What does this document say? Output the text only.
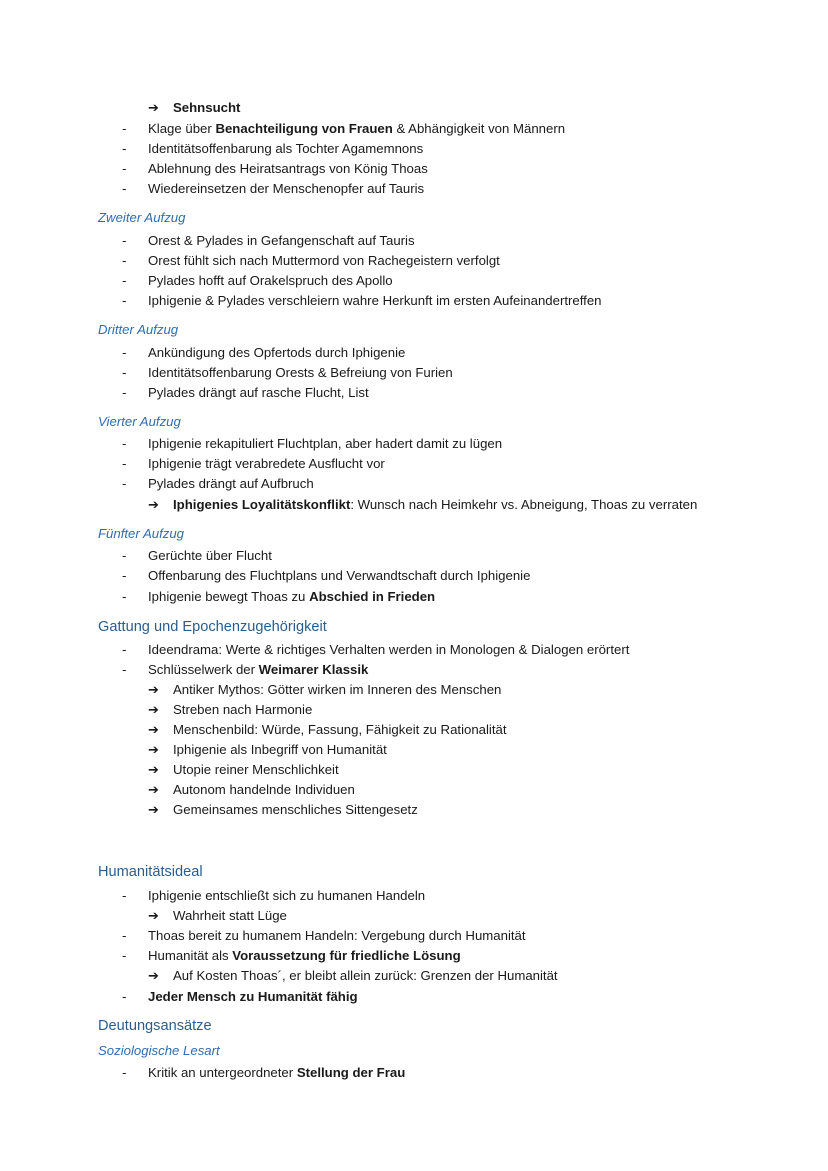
➔ Sehnsucht
-	Klage über Benachteiligung von Frauen & Abhängigkeit von Männern
-	Identitätsoffenbarung als Tochter Agamemnons
-	Ablehnung des Heiratsantrags von König Thoas
-	Wiedereinsetzen der Menschenopfer auf Tauris
Zweiter Aufzug
-	Orest & Pylades in Gefangenschaft auf Tauris
-	Orest fühlt sich nach Muttermord von Rachegeistern verfolgt
-	Pylades hofft auf Orakelspruch des Apollo
-	Iphigenie & Pylades verschleiern wahre Herkunft im ersten Aufeinandertreffen
Dritter Aufzug
-	Ankündigung des Opfertods durch Iphigenie
-	Identitätsoffenbarung Orests & Befreiung von Furien
-	Pylades drängt auf rasche Flucht, List
Vierter Aufzug
-	Iphigenie rekapituliert Fluchtplan, aber hadert damit zu lügen
-	Iphigenie trägt verabredete Ausflucht vor
-	Pylades drängt auf Aufbruch
➔ Iphigenies Loyalitätskonflikt: Wunsch nach Heimkehr vs. Abneigung, Thoas zu verraten
Fünfter Aufzug
-	Gerüchte über Flucht
-	Offenbarung des Fluchtplans und Verwandtschaft durch Iphigenie
-	Iphigenie bewegt Thoas zu Abschied in Frieden
Gattung und Epochenzugehörigkeit
-	Ideendrama: Werte & richtiges Verhalten werden in Monologen & Dialogen erörtert
-	Schlüsselwerk der Weimarer Klassik
➔ Antiker Mythos: Götter wirken im Inneren des Menschen
➔ Streben nach Harmonie
➔ Menschenbild: Würde, Fassung, Fähigkeit zu Rationalität
➔ Iphigenie als Inbegriff von Humanität
➔ Utopie reiner Menschlichkeit
➔ Autonom handelnde Individuen
➔ Gemeinsames menschliches Sittengesetz
Humanitätsideal
-	Iphigenie entschließt sich zu humanen Handeln
➔ Wahrheit statt Lüge
-	Thoas bereit zu humanem Handeln: Vergebung durch Humanität
-	Humanität als Voraussetzung für friedliche Lösung
➔ Auf Kosten Thoas´, er bleibt allein zurück: Grenzen der Humanität
-	Jeder Mensch zu Humanität fähig
Deutungsansätze
Soziologische Lesart
-	Kritik an untergeordneter Stellung der Frau
